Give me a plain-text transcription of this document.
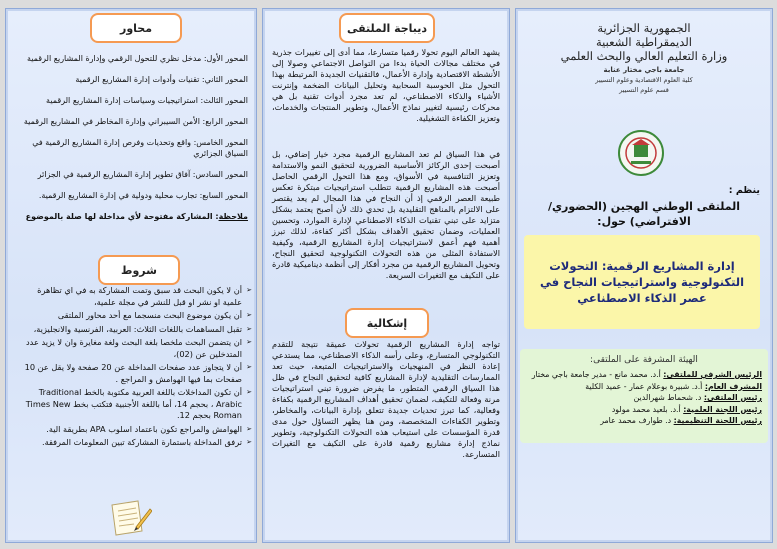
محاور
المحور الأول: مدخل نظري للتحول الرقمي وإدارة المشاريع الرقمية
المحور الثاني: تقنيات وأدوات إدارة المشاريع الرقمية
المحور الثالث: استراتيجيات وسياسات إدارة المشاريع الرقمية
المحور الرابع: الأمن السيبراني وإدارة المخاطر في المشاريع الرقمية
المحور الخامس: واقع وتحديات وفرص إدارة المشاريع الرقمية في السياق الجزائري
المحور السادس: آفاق تطوير إدارة المشاريع الرقمية في الجزائر
المحور السابع: تجارب محلية ودولية في إدارة المشاريع الرقمية.
ملاحظة: المشاركة مفتوحة لأي مداخلة لها صلة بالموضوع
شروط
➢ أن لا يكون البحث قد سبق وتمت المشاركة به في اي تظاهرة علمية او نشر او قبل للنشر في مجلة علمية،
➢ أن يكون موضوع البحث منسجما مع أحد محاور الملتقى
➢ تقبل المساهمات باللغات الثلاث: العربية، الفرنسية والانجليزية،
➢ ان يتضمن البحث ملخصا بلغة البحث ولغة مغايرة وان لا يزيد عدد المتدخلين عن (02)،
➢ أن لا يتجاوز عدد صفحات المداخلة عن 20 صفحة ولا يقل عن 10 صفحات بما فيها الهوامش و المراجع .
➢ أن تكون المداخلات باللغة العربية مكتوبة بالخط Traditional Arabic ، بحجم 14، أما باللغة الأجنبية فتكتب بخط Times New Roman بحجم 12.
➢ الهوامش والمراجع تكون باعتماد اسلوب APA بطريقة الية.
➢ ترفق المداخلة باستمارة المشاركة تبين المعلومات المرفقة.
ديباجة الملتقى
يشهد العالم اليوم تحولا رقميا متسارعا، مما أدى إلى تغييرات جذرية في مختلف مجالات الحياة بدءا من التواصل الاجتماعي وصولا إلى الأنشطة الاقتصادية وإدارة الأعمال، فالتقنيات الجديدة المرتبطة بهذا التحول مثل الحوسبة السحابية وتحليل البيانات الضخمة وإنترنت الأشياء والذكاء الاصطناعي، لم تعد مجرد أدوات تقنية بل هي محركات رئيسية لتغيير نماذج الأعمال، وتطوير المنتجات والخدمات، وتعزيز الكفاءة التشغيلية.
في هذا السياق لم تعد المشاريع الرقمية مجرد خيار إضافي، بل أصبحت إحدى الركائز الأساسية الضرورية لتحقيق النمو والاستدامة وتعزيز التنافسية في الأسواق، ومع هذا التحول الرقمي الحاصل أصبحت هذه المشاريع الرقمية تتطلب استراتيجيات مبتكرة تعكس طبيعة العصر الرقمي إذ أن النجاح في هذا المجال لم يعد يقتصر على الالتزام بالمناهج التقليدية بل تحدي ذلك لأن أصبح يعتمد بشكل متزايد على تبني تقنيات الذكاء الاصطناعي لإدارة الموارد، وتحسين العمليات، وضمان تحقيق الأهداف بشكل أكثر كفاءة، لذلك تبرز أهمية فهم أعمق لاستراتيجيات إدارة المشاريع الرقمية، وكيفية الاستفادة المثلى من هذه التحولات التكنولوجية لتحقيق النجاح، وتحويل المشاريع الرقمية من مجرد أفكار إلى أنظمة ديناميكية قادرة على التكيف مع التغيرات السريعة.
إشكالية
تواجه إدارة المشاريع الرقمية تحولات عميقة نتيجة للتقدم التكنولوجي المتسارع، وعلى رأسه الذكاء الاصطناعي، مما يستدعي إعادة النظر في المنهجيات والاستراتيجيات المتبعة، حيث تعد الممارسات التقليدية لإدارة المشاريع كافية لتحقيق النجاح في ظل هذا السياق الرقمي المتطور، ما يفرض ضرورة تبني استراتيجيات مرنة وفعالة للتكيف، لضمان تحقيق أهداف المشاريع الرقمية بكفاءة وفعالية، كما تبرز تحديات جديدة تتعلق بإدارة البيانات، والمخاطر، وتطوير الكفاءات المتخصصة، ومن هنا يظهر التساؤل حول مدى قدرة المؤسسات على استيعاب هذه التحولات التكنولوجية، وتطوير نماذج إدارة مشاريع رقمية قادرة على التكيف مع التغيرات المتسارعة.
الجمهورية الجزائرية
الديمقراطية الشعبية
وزارة التعليم العالي والبحث العلمي
جامعة باجي مختار عنابة
كلية العلوم الاقتصادية وعلوم التسيير
قسم علوم التسيير
ينظم :
الملتقى الوطني الهجين (الحضوري/الافتراضي) حول:
إدارة المشاريع الرقمية: التحولات التكنولوجية واستراتيجيات النجاح في عصر الذكاء الاصطناعي
الهيئة المشرفة على الملتقى:
الرئيس الشرفي للملتقى: أ.د. محمد مانع - مدير جامعة باجي مختار
المشرف العام: أ.د. شبيرة بوعلام عمار - عميد الكلية
رئيس الملتقى: د. شحماط شهرالدين
رئيس اللجنة العلمية: أ.د. بلعيد محمد مولود
رئيس اللجنة التنظيمية: د. طوارف محمد عامر
